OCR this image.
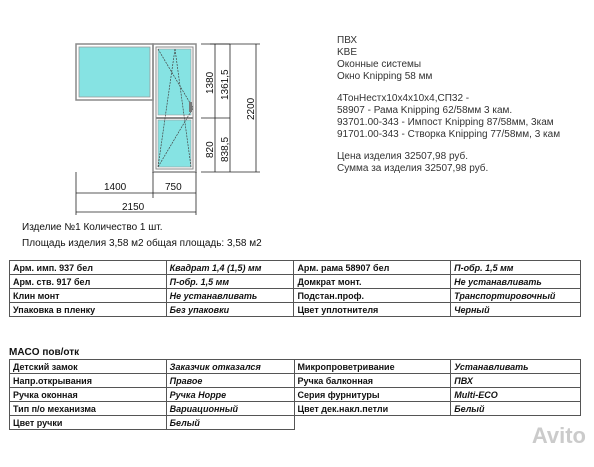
1380
820
1361,5
838,5
2200
1400	750
2150
ПВХ
KBE
Оконные системы
Окно Knipping 58 мм
4ТонНестх10х4х10х4,СП32 -
58907 - Рама Knipping 62/58мм 3 кам.
93701.00-343 - Импост Knipping 87/58мм, 3кам
91701.00-343 - Створка Knipping 77/58мм, 3 кам
Цена изделия 32507,98 руб.
Сумма за изделия 32507,98 руб.
Изделие №1 Количество 1 шт.
Площадь изделия 3,58 м2 общая площадь: 3,58 м2
Арм. имп. 937 бел	Квадрат 1,4 (1,5) мм	Арм. рама 58907 бел	П-обр. 1,5 мм
Арм. ств. 917 бел	П-обр. 1,5 мм	Домкрат монт.	Не устанавливать
Клин монт	Не устанавливать	Подстан.проф.	Транспортировочный
Упаковка в пленку	Без упаковки	Цвет уплотнителя	Черный
MACO пов/отк
Детский замок	Заказчик отказался	Микропроветривание	Устанавливать
Напр.открывания	Правое	Ручка балконная	ПВХ
Ручка оконная	Ручка Hoppe	Серия фурнитуры	Multi-ECO
Тип п/о механизма	Вариационный	Цвет дек.накл.петли	Белый
Цвет ручки	Белый		
Avito
